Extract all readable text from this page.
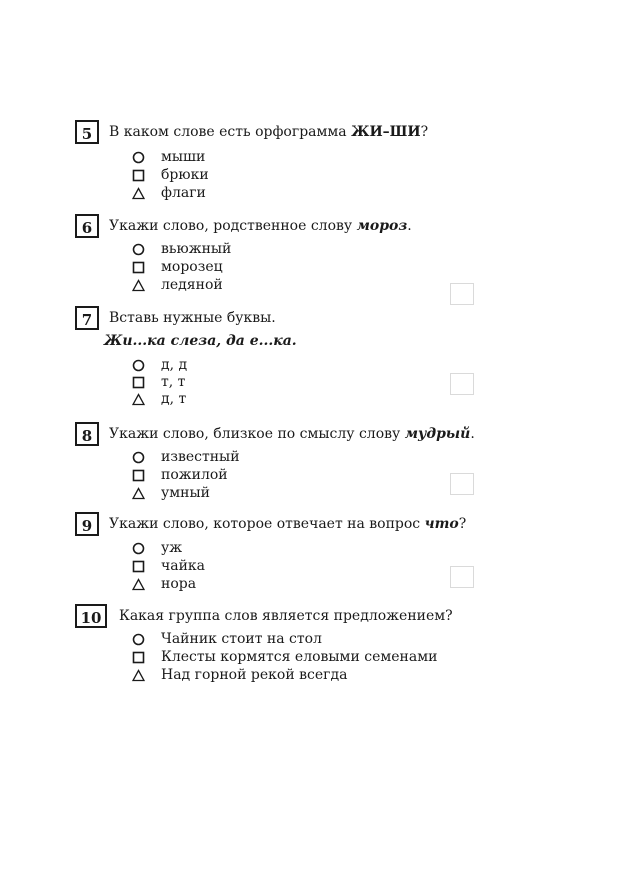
5	В каком слове есть орфограмма ЖИ–ШИ?
мыши
брюки
флаги
6	Укажи слово, родственное слову мороз.
вьюжный
морозец
ледяной
7	Вставь нужные буквы.
Жи...ка слеза, да е...ка.
д, д
т, т
д, т
8	Укажи слово, близкое по смыслу слову мудрый.
известный
пожилой
умный
9	Укажи слово, которое отвечает на вопрос что?
уж
чайка
нора
10	Какая группа слов является предложением?
Чайник стоит на стол
Клесты кормятся еловыми семенами
Над горной рекой всегда
